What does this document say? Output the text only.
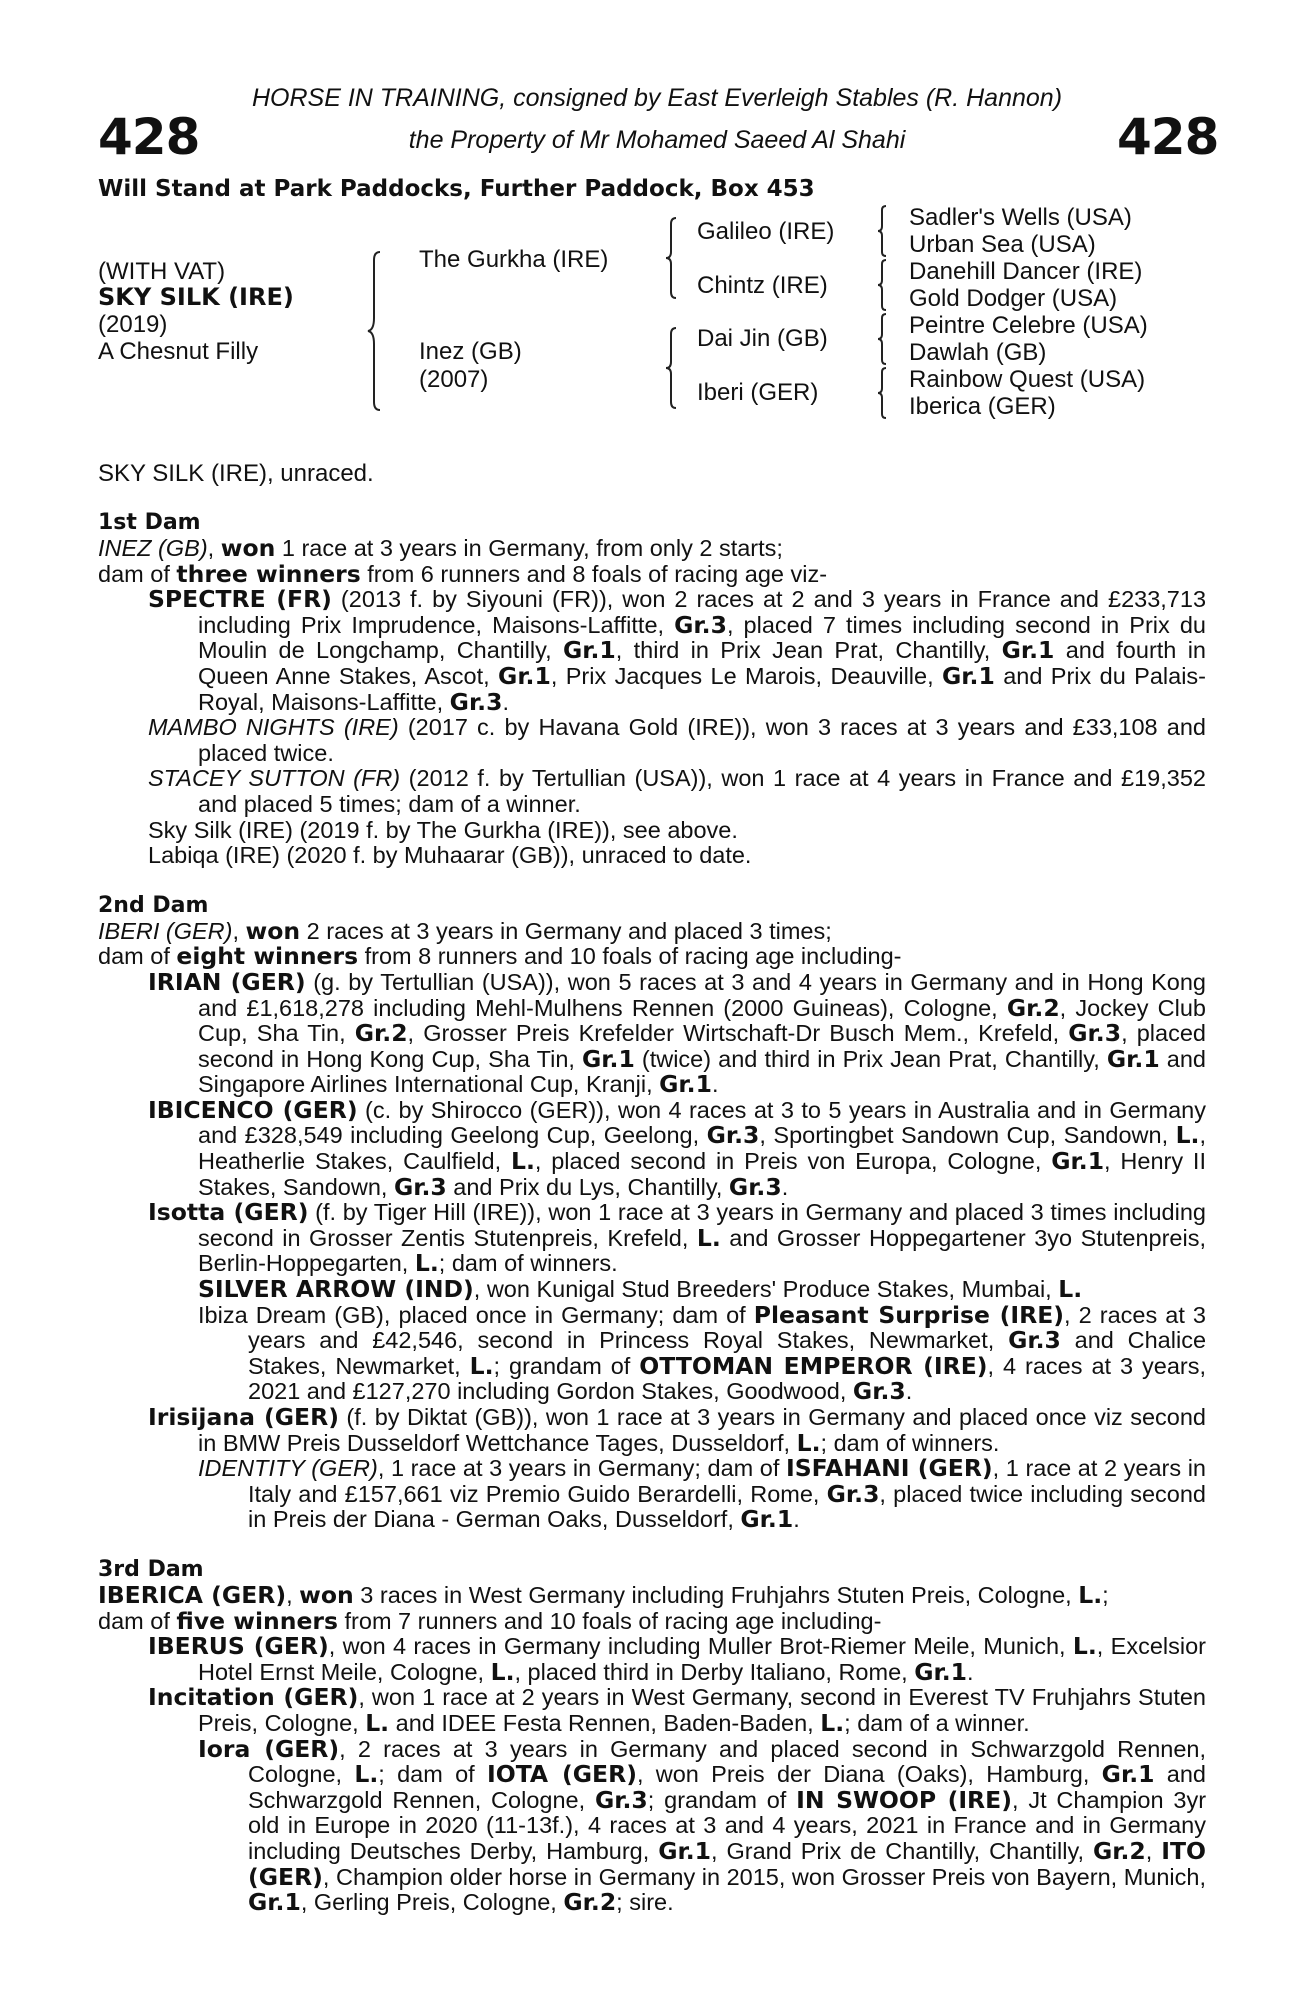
428	428
HORSE IN TRAINING, consigned by East Everleigh Stables (R. Hannon)
the Property of Mr Mohamed Saeed Al Shahi
Will Stand at Park Paddocks, Further Paddock, Box 453
(WITH VAT)
SKY SILK (IRE)
(2019)
A Chesnut Filly
The Gurkha (IRE)
Inez (GB)
(2007)
Galileo (IRE)
Chintz (IRE)
Dai Jin (GB)
Iberi (GER)
Sadler's Wells (USA)
Urban Sea (USA)
Danehill Dancer (IRE)
Gold Dodger (USA)
Peintre Celebre (USA)
Dawlah (GB)
Rainbow Quest (USA)
Iberica (GER)
SKY SILK (IRE), unraced.
1st Dam

INEZ (GB), won 1 race at 3 years in Germany, from only 2 starts;

dam of three winners from 6 runners and 8 foals of racing age viz-

SPECTRE (FR) (2013 f. by Siyouni (FR)), won 2 races at 2 and 3 years in France and £233,713 including Prix Imprudence, Maisons-Laffitte, Gr.3, placed 7 times including second in Prix du Moulin de Longchamp, Chantilly, Gr.1, third in Prix Jean Prat, Chantilly, Gr.1 and fourth in Queen Anne Stakes, Ascot, Gr.1, Prix Jacques Le Marois, Deauville, Gr.1 and Prix du Palais-Royal, Maisons-Laffitte, Gr.3.

MAMBO NIGHTS (IRE) (2017 c. by Havana Gold (IRE)), won 3 races at 3 years and £33,108 and placed twice.

STACEY SUTTON (FR) (2012 f. by Tertullian (USA)), won 1 race at 4 years in France and £19,352 and placed 5 times; dam of a winner.

Sky Silk (IRE) (2019 f. by The Gurkha (IRE)), see above.

Labiqa (IRE) (2020 f. by Muhaarar (GB)), unraced to date.

2nd Dam

IBERI (GER), won 2 races at 3 years in Germany and placed 3 times;

dam of eight winners from 8 runners and 10 foals of racing age including-

IRIAN (GER) (g. by Tertullian (USA)), won 5 races at 3 and 4 years in Germany and in Hong Kong and £1,618,278 including Mehl-Mulhens Rennen (2000 Guineas), Cologne, Gr.2, Jockey Club Cup, Sha Tin, Gr.2, Grosser Preis Krefelder Wirtschaft-Dr Busch Mem., Krefeld, Gr.3, placed second in Hong Kong Cup, Sha Tin, Gr.1 (twice) and third in Prix Jean Prat, Chantilly, Gr.1 and Singapore Airlines International Cup, Kranji, Gr.1.

IBICENCO (GER) (c. by Shirocco (GER)), won 4 races at 3 to 5 years in Australia and in Germany and £328,549 including Geelong Cup, Geelong, Gr.3, Sportingbet Sandown Cup, Sandown, L., Heatherlie Stakes, Caulfield, L., placed second in Preis von Europa, Cologne, Gr.1, Henry II Stakes, Sandown, Gr.3 and Prix du Lys, Chantilly, Gr.3.

Isotta (GER) (f. by Tiger Hill (IRE)), won 1 race at 3 years in Germany and placed 3 times including second in Grosser Zentis Stutenpreis, Krefeld, L. and Grosser Hoppegartener 3yo Stutenpreis, Berlin-Hoppegarten, L.; dam of winners.

SILVER ARROW (IND), won Kunigal Stud Breeders' Produce Stakes, Mumbai, L.

Ibiza Dream (GB), placed once in Germany; dam of Pleasant Surprise (IRE), 2 races at 3 years and £42,546, second in Princess Royal Stakes, Newmarket, Gr.3 and Chalice Stakes, Newmarket, L.; grandam of OTTOMAN EMPEROR (IRE), 4 races at 3 years, 2021 and £127,270 including Gordon Stakes, Goodwood, Gr.3.

Irisijana (GER) (f. by Diktat (GB)), won 1 race at 3 years in Germany and placed once viz second in BMW Preis Dusseldorf Wettchance Tages, Dusseldorf, L.; dam of winners.

IDENTITY (GER), 1 race at 3 years in Germany; dam of ISFAHANI (GER), 1 race at 2 years in Italy and £157,661 viz Premio Guido Berardelli, Rome, Gr.3, placed twice including second in Preis der Diana - German Oaks, Dusseldorf, Gr.1.

3rd Dam

IBERICA (GER), won 3 races in West Germany including Fruhjahrs Stuten Preis, Cologne, L.;

dam of five winners from 7 runners and 10 foals of racing age including-

IBERUS (GER), won 4 races in Germany including Muller Brot-Riemer Meile, Munich, L., Excelsior Hotel Ernst Meile, Cologne, L., placed third in Derby Italiano, Rome, Gr.1.

Incitation (GER), won 1 race at 2 years in West Germany, second in Everest TV Fruhjahrs Stuten Preis, Cologne, L. and IDEE Festa Rennen, Baden-Baden, L.; dam of a winner.

Iora (GER), 2 races at 3 years in Germany and placed second in Schwarzgold Rennen, Cologne, L.; dam of IOTA (GER), won Preis der Diana (Oaks), Hamburg, Gr.1 and Schwarzgold Rennen, Cologne, Gr.3; grandam of IN SWOOP (IRE), Jt Champion 3yr old in Europe in 2020 (11-13f.), 4 races at 3 and 4 years, 2021 in France and in Germany including Deutsches Derby, Hamburg, Gr.1, Grand Prix de Chantilly, Chantilly, Gr.2, ITO (GER), Champion older horse in Germany in 2015, won Grosser Preis von Bayern, Munich, Gr.1, Gerling Preis, Cologne, Gr.2; sire.
